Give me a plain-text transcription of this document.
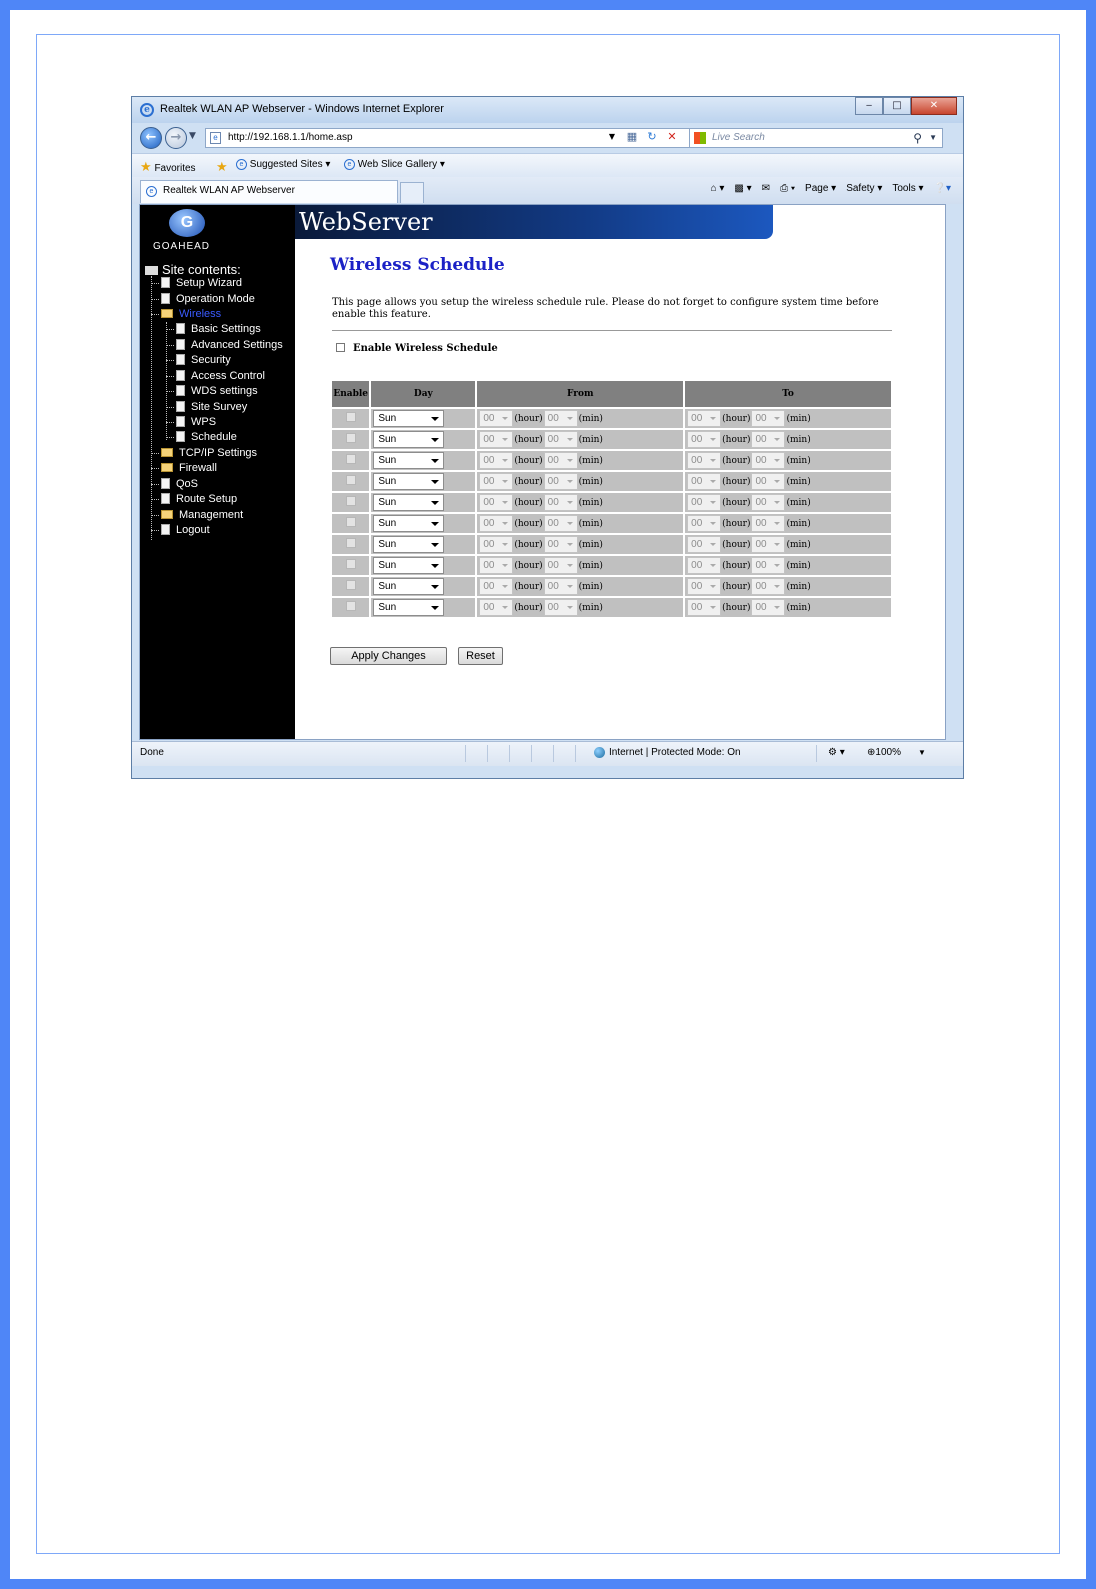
e Realtek WLAN AP Webserver - Windows Internet Explorer	‒	□	✕
←	→ ▼	e	http://192.168.1.1/home.asp	▼	▦ ↻ ✕	Live Search	⚲ ▼
★ Favorites ★	e Suggested Sites ▾	e Web Slice Gallery ▾
e Realtek WLAN AP Webserver	⌂ ▾ ▩ ▾ ✉ ⎙ ▾ Page ▾ Safety ▾ Tools ▾ ❔▾
G
GOAHEAD
Site contents:
Setup Wizard
Operation Mode
Wireless
Basic Settings
Advanced Settings
Security
Access Control
WDS settings
Site Survey
WPS
Schedule
TCP/IP Settings
Firewall
QoS
Route Setup
Management
Logout
WebServer
Wireless Schedule
This page allows you setup the wireless schedule rule. Please do not forget to configure system time before enable this feature.
Enable Wireless Schedule
Enable	Day	From	To
	Sun	00 (hour) 00 (min)	00 (hour) 00 (min)
	Sun	00 (hour) 00 (min)	00 (hour) 00 (min)
	Sun	00 (hour) 00 (min)	00 (hour) 00 (min)
	Sun	00 (hour) 00 (min)	00 (hour) 00 (min)
	Sun	00 (hour) 00 (min)	00 (hour) 00 (min)
	Sun	00 (hour) 00 (min)	00 (hour) 00 (min)
	Sun	00 (hour) 00 (min)	00 (hour) 00 (min)
	Sun	00 (hour) 00 (min)	00 (hour) 00 (min)
	Sun	00 (hour) 00 (min)	00 (hour) 00 (min)
	Sun	00 (hour) 00 (min)	00 (hour) 00 (min)
Apply Changes	Reset
Done	Internet | Protected Mode: On	⚙ ▾ ⊕100% ▼
